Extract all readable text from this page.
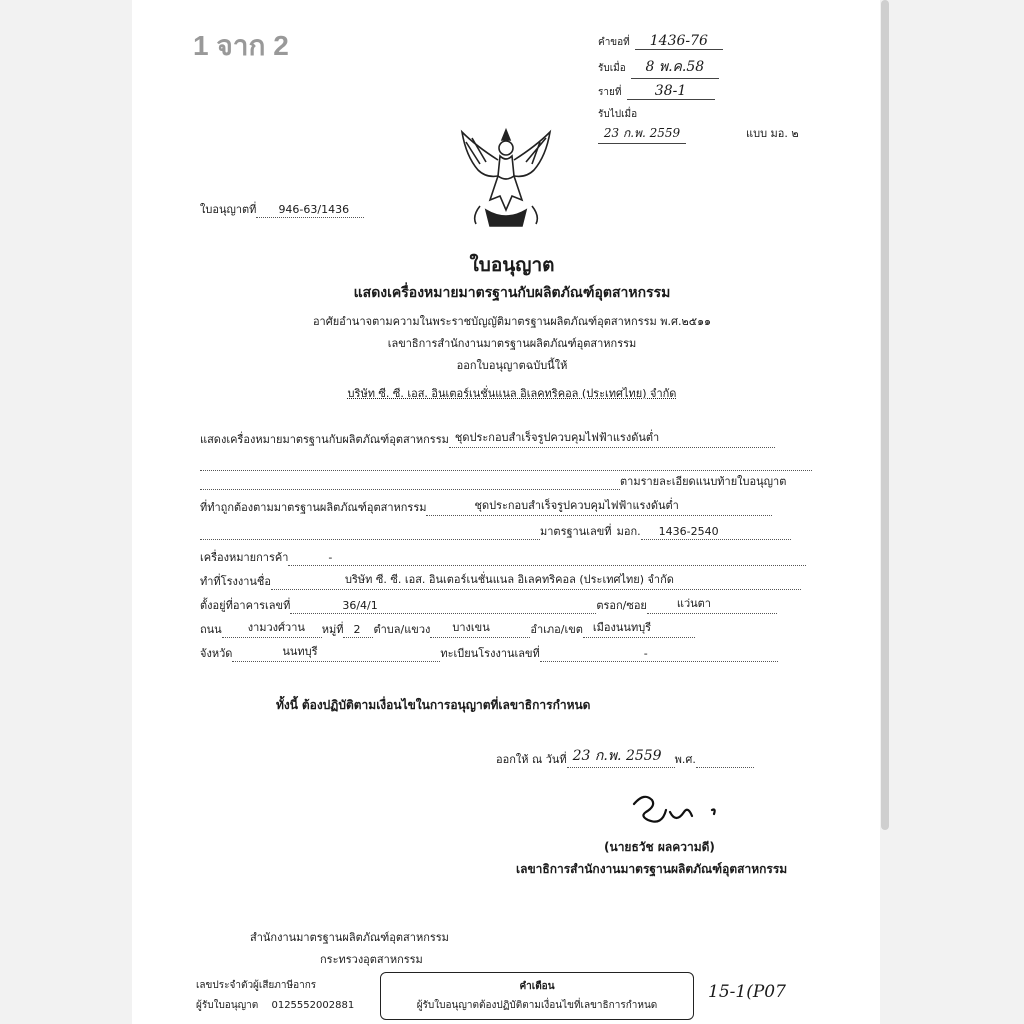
1 จาก 2	คำขอที่ 1436-76
รับเมื่อ 8 พ.ค.58
รายที่ 38-1
รับไปเมื่อ 23 ก.พ. 2559	แบบ มอ. ๒
ใบอนุญาตที่ 946-63/1436
ใบอนุญาต
แสดงเครื่องหมายมาตรฐานกับผลิตภัณฑ์อุตสาหกรรม
อาศัยอำนาจตามความในพระราชบัญญัติมาตรฐานผลิตภัณฑ์อุตสาหกรรม พ.ศ.๒๕๑๑
เลขาธิการสำนักงานมาตรฐานผลิตภัณฑ์อุตสาหกรรม
ออกใบอนุญาตฉบับนี้ให้
บริษัท ซี. ซี. เอส. อินเตอร์เนชั่นแนล อิเลคทริคอล (ประเทศไทย) จำกัด
แสดงเครื่องหมายมาตรฐานกับผลิตภัณฑ์อุตสาหกรรม ชุดประกอบสำเร็จรูปควบคุมไฟฟ้าแรงดันต่ำ
ตามรายละเอียดแนบท้ายใบอนุญาต
ที่ทำถูกต้องตามมาตรฐานผลิตภัณฑ์อุตสาหกรรม	ชุดประกอบสำเร็จรูปควบคุมไฟฟ้าแรงดันต่ำ
มาตรฐานเลขที่ มอก. 1436-2540
เครื่องหมายการค้า	-
ทำที่โรงงานชื่อ	บริษัท ซี. ซี. เอส. อินเตอร์เนชั่นแนล อิเลคทริคอล (ประเทศไทย) จำกัด
ตั้งอยู่ที่อาคารเลขที่	36/4/1	ตรอก/ซอย	แว่นตา
ถนน งามวงศ์วาน หมู่ที่ 2 ตำบล/แขวง บางเขน	อำเภอ/เขต เมืองนนทบุรี
จังหวัด	นนทบุรี	ทะเบียนโรงงานเลขที่	-
ทั้งนี้ ต้องปฏิบัติตามเงื่อนไขในการอนุญาตที่เลขาธิการกำหนด
ออกให้ ณ วันที่ 23 ก.พ. 2559 พ.ศ.
(นายธวัช ผลความดี)
เลขาธิการสำนักงานมาตรฐานผลิตภัณฑ์อุตสาหกรรม
สำนักงานมาตรฐานผลิตภัณฑ์อุตสาหกรรม
กระทรวงอุตสาหกรรม
เลขประจำตัวผู้เสียภาษีอากร
ผู้รับใบอนุญาต 0125552002881
คำเตือน
ผู้รับใบอนุญาตต้องปฏิบัติตามเงื่อนไขที่เลขาธิการกำหนด
15-1(P07
